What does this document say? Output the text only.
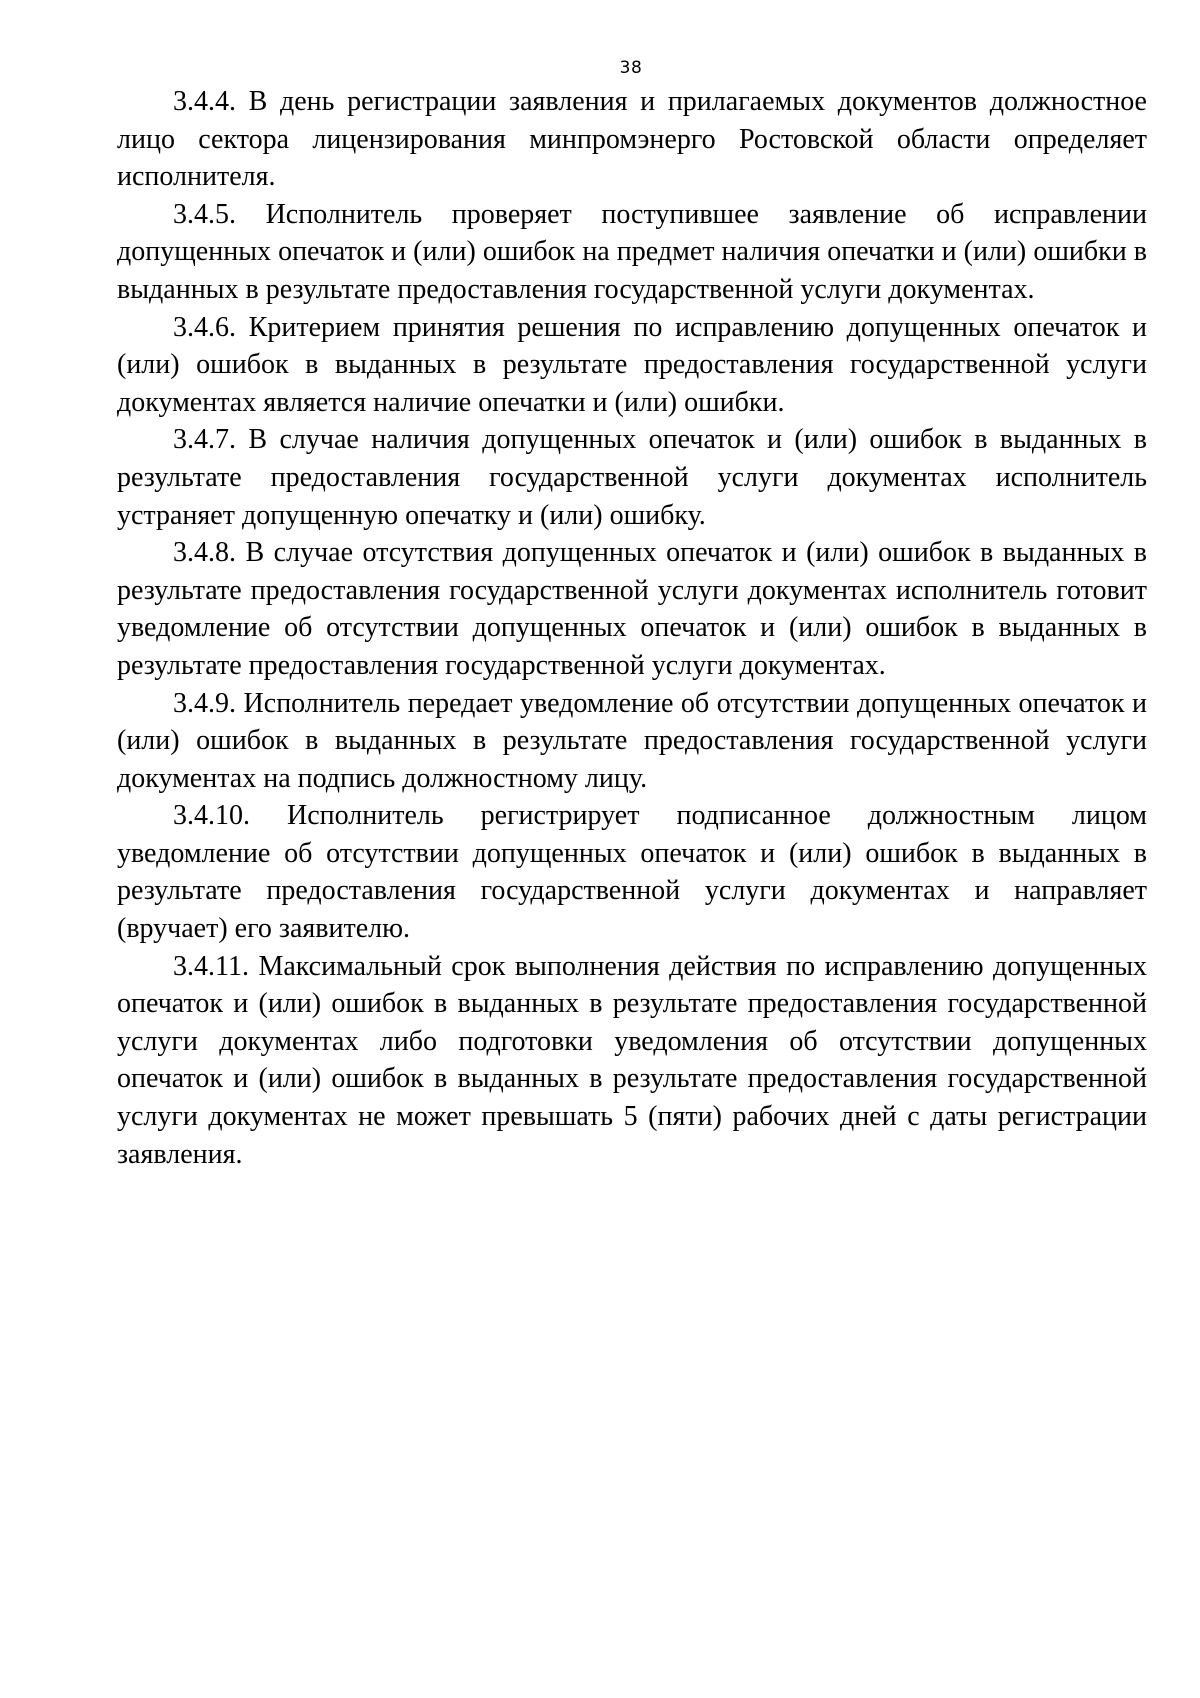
38

3.4.4. В день регистрации заявления и прилагаемых документов должностное лицо сектора лицензирования минпромэнерго Ростовской области определяет исполнителя.

3.4.5. Исполнитель проверяет поступившее заявление об исправлении допущенных опечаток и (или) ошибок на предмет наличия опечатки и (или) ошибки в выданных в результате предоставления государственной услуги документах.

3.4.6. Критерием принятия решения по исправлению допущенных опечаток и (или) ошибок в выданных в результате предоставления государственной услуги документах является наличие опечатки и (или) ошибки.

3.4.7. В случае наличия допущенных опечаток и (или) ошибок в выданных в результате предоставления государственной услуги документах исполнитель устраняет допущенную опечатку и (или) ошибку.

3.4.8. В случае отсутствия допущенных опечаток и (или) ошибок в выданных в результате предоставления государственной услуги документах исполнитель готовит уведомление об отсутствии допущенных опечаток и (или) ошибок в выданных в результате предоставления государственной услуги документах.

3.4.9. Исполнитель передает уведомление об отсутствии допущенных опечаток и (или) ошибок в выданных в результате предоставления государственной услуги документах на подпись должностному лицу.

3.4.10. Исполнитель регистрирует подписанное должностным лицом уведомление об отсутствии допущенных опечаток и (или) ошибок в выданных в результате предоставления государственной услуги документах и направляет (вручает) его заявителю.

3.4.11. Максимальный срок выполнения действия по исправлению допущенных опечаток и (или) ошибок в выданных в результате предоставления государственной услуги документах либо подготовки уведомления об отсутствии допущенных опечаток и (или) ошибок в выданных в результате предоставления государственной услуги документах не может превышать 5 (пяти) рабочих дней с даты регистрации заявления.
